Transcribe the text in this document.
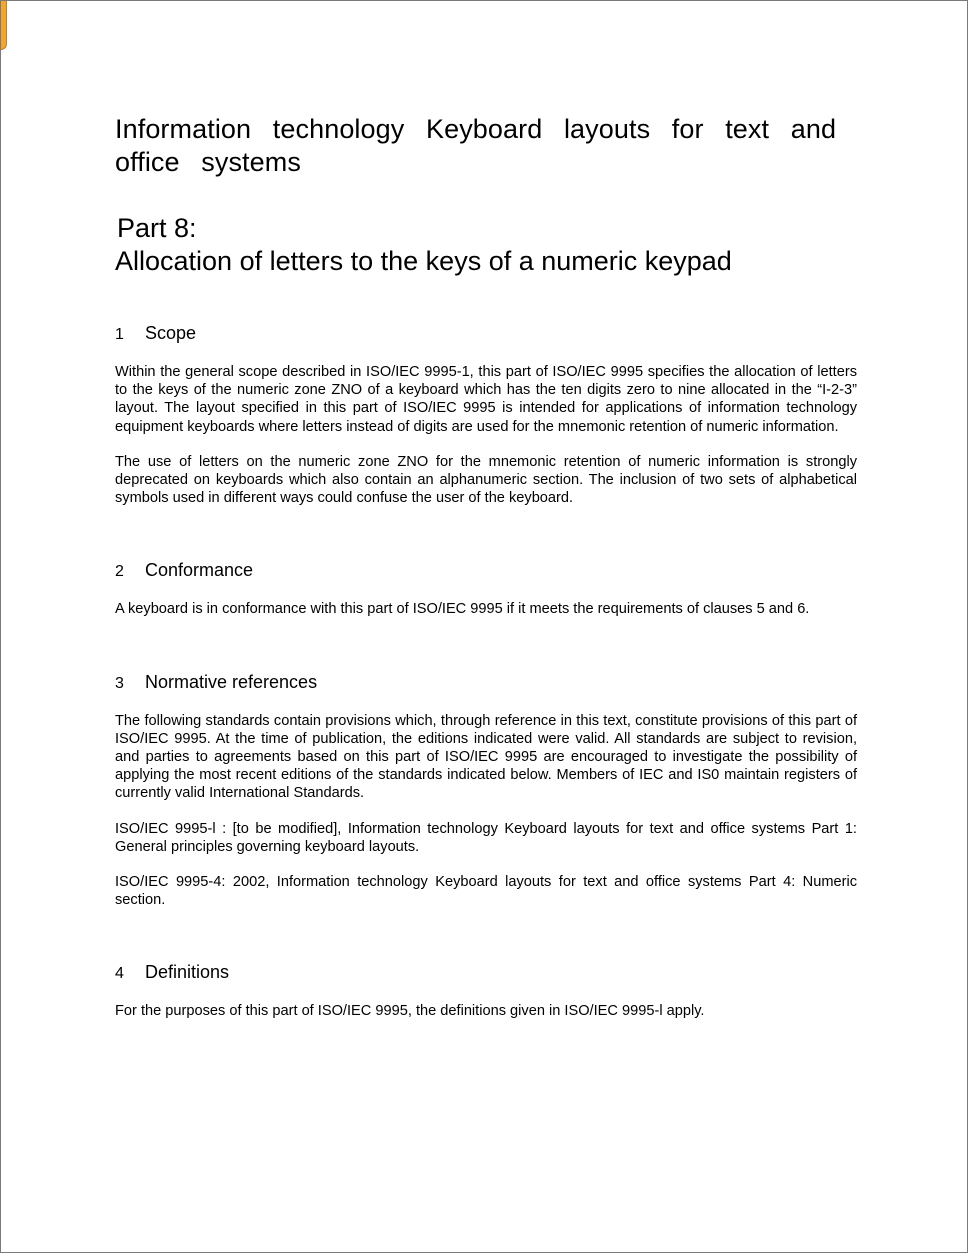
Information technology Keyboard layouts for text and office systems
Part 8:
Allocation of letters to the keys of a numeric keypad
1	Scope

Within the general scope described in ISO/IEC 9995-1, this part of ISO/IEC 9995 specifies the allocation of letters to the keys of the numeric zone ZNO of a keyboard which has the ten digits zero to nine allocated in the “I-2-3” layout. The layout specified in this part of ISO/IEC 9995 is intended for applications of information technology equipment keyboards where letters instead of digits are used for the mnemonic retention of numeric information.

The use of letters on the numeric zone ZNO for the mnemonic retention of numeric information is strongly deprecated on keyboards which also contain an alphanumeric section. The inclusion of two sets of alphabetical symbols used in different ways could confuse the user of the keyboard.

2	Conformance

A keyboard is in conformance with this part of ISO/IEC 9995 if it meets the requirements of clauses 5 and 6.

3	Normative references

The following standards contain provisions which, through reference in this text, constitute provisions of this part of ISO/IEC 9995. At the time of publication, the editions indicated were valid. All standards are subject to revision, and parties to agreements based on this part of ISO/IEC 9995 are encouraged to investigate the possibility of applying the most recent editions of the standards indicated below. Members of IEC and IS0 maintain registers of currently valid International Standards.

ISO/IEC 9995-l : [to be modified], Information technology Keyboard layouts for text and office systems Part 1: General principles governing keyboard layouts.

ISO/IEC 9995-4: 2002, Information technology Keyboard layouts for text and office systems Part 4: Numeric section.

4	Definitions

For the purposes of this part of ISO/IEC 9995, the definitions given in ISO/IEC 9995-l apply.
